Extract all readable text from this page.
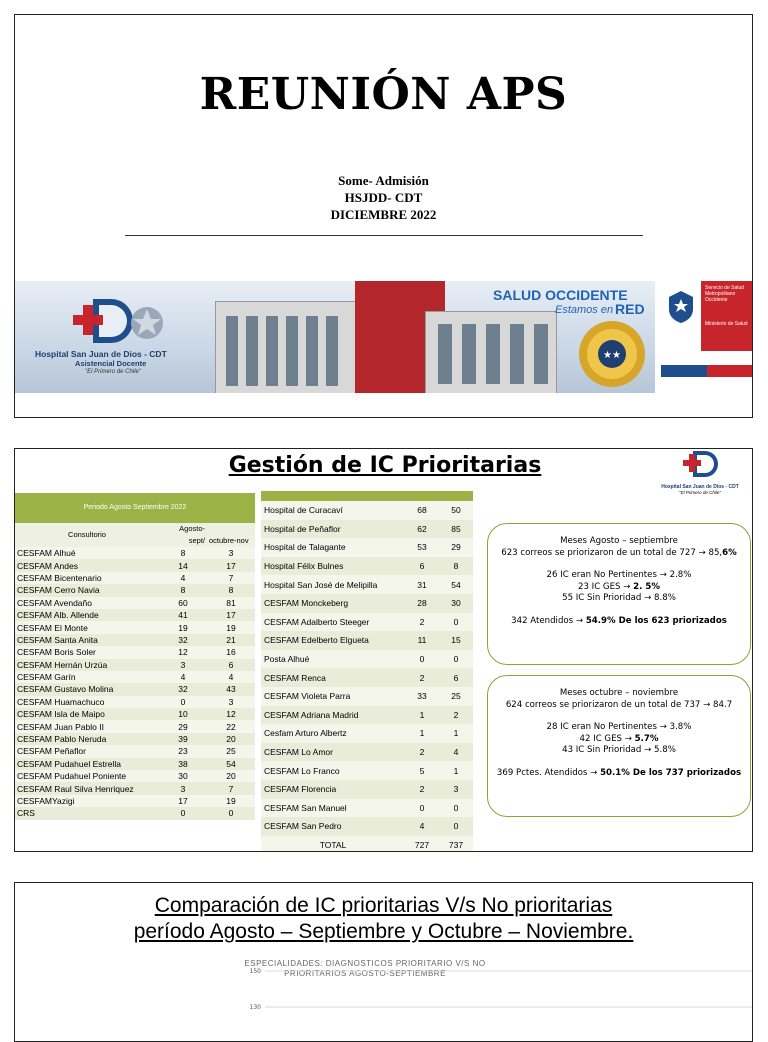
REUNIÓN APS
Some- Admisión
HSJDD- CDT
DICIEMBRE 2022
Hospital San Juan de Dios - CDT
Asistencial Docente
"El Primero de Chile"
SALUD OCCIDENTE
Estamos en RED
★★
Servicio de Salud Metropolitano Occidente
Ministerio de Salud
Gestión de IC Prioritarias
Hospital San Juan de Dios - CDT
"El Primero de Chile"
Periodo Agosto Septiembre 2022		
Consultorio	Agosto- sept/	octubre-nov
CESFAM Alhué	8	3
CESFAM Andes	14	17
CESFAM Bicentenario	4	7
CESFAM Cerro Navia	8	8
CESFAM Avendaño	60	81
CESFAM Alb. Allende	41	17
CESFAM El Monte	19	19
CESFAM Santa Anita	32	21
CESFAM Boris Soler	12	16
CESFAM Hernán Urzúa	3	6
CESFAM Garín	4	4
CESFAM Gustavo Molina	32	43
CESFAM Huamachuco	0	3
CESFAM Isla de Maipo	10	12
CESFAM Juan Pablo II	29	22
CESFAM Pablo Neruda	39	20
CESFAM Peñaflor	23	25
CESFAM Pudahuel Estrella	38	54
CESFAM Pudahuel Poniente	30	20
CESFAM Raul Silva Henriquez	3	7
CESFAMYazigi	17	19
CRS	0	0

Hospital de Curacaví	68	50
Hospital de Peñaflor	62	85
Hospital de Talagante	53	29
Hospital Félix Bulnes	6	8
Hospital San José de Melipilla	31	54
CESFAM Monckeberg	28	30
CESFAM Adalberto Steeger	2	0
CESFAM Edelberto Elgueta	11	15
Posta Alhué	0	0
CESFAM Renca	2	6
CESFAM Violeta Parra	33	25
CESFAM Adriana Madrid	1	2
Cesfam Arturo Albertz	1	1
CESFAM Lo Amor	2	4
CESFAM Lo Franco	5	1
CESFAM Florencia	2	3
CESFAM San Manuel	0	0
CESFAM San Pedro	4	0
TOTAL	727	737

Meses Agosto – septiembre

623 correos se priorizaron de un total de 727 → 85,6%

26 IC eran No Pertinentes → 2.8%

23 IC GES → 2. 5%

55 IC Sin Prioridad → 8.8%

342 Atendidos → 54.9% De los 623 priorizados

Meses octubre – noviembre

624 correos se priorizaron de un total de 737 → 84.7

28 IC eran No Pertinentes → 3.8%

42 IC GES → 5.7%

43 IC Sin Prioridad → 5.8%

369 Pctes. Atendidos → 50.1% De los 737 priorizados

Comparación de IC prioritarias V/s No prioritarias
período Agosto – Septiembre y Octubre – Noviembre.
ESPECIALIDADES: DIAGNOSTICOS PRIORITARIO V/S NO PRIORITARIOS AGOSTO-SEPTIEMBRE
150
130
